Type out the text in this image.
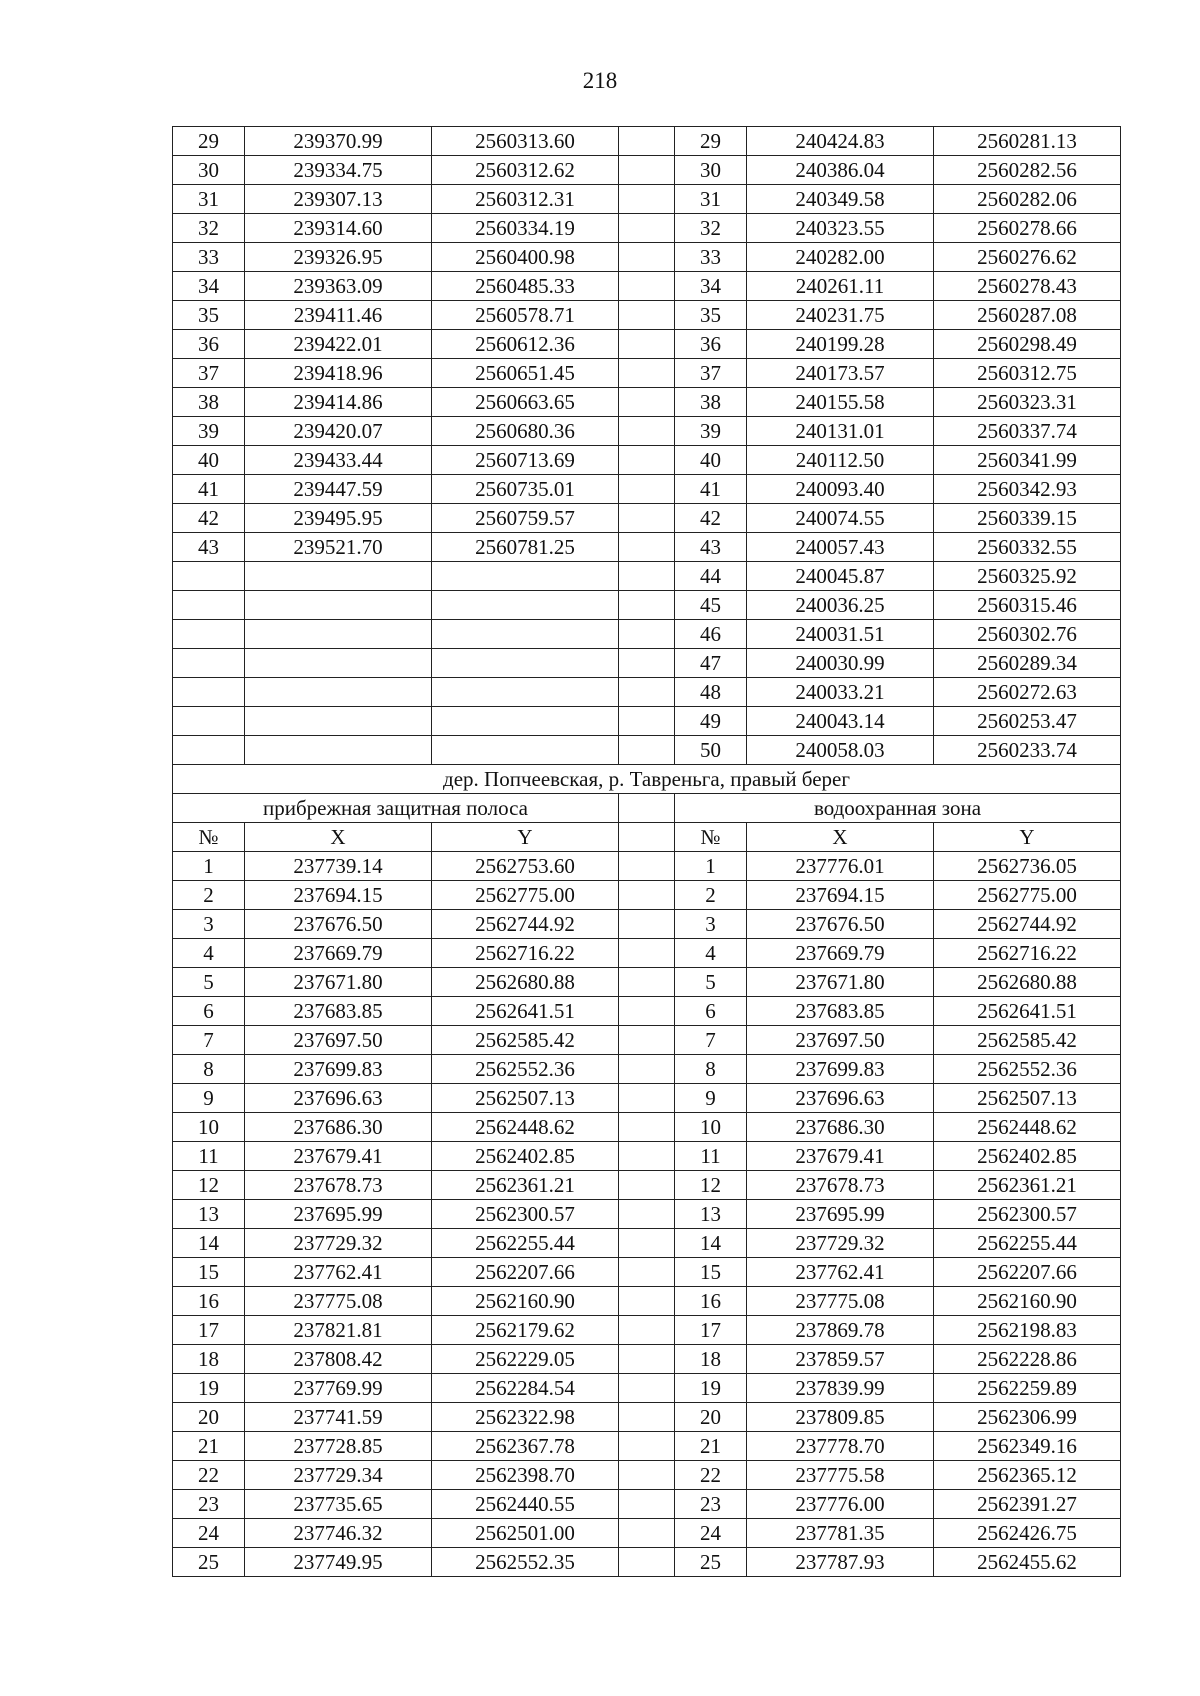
218
29	239370.99	2560313.60		29	240424.83	2560281.13
30	239334.75	2560312.62		30	240386.04	2560282.56
31	239307.13	2560312.31		31	240349.58	2560282.06
32	239314.60	2560334.19		32	240323.55	2560278.66
33	239326.95	2560400.98		33	240282.00	2560276.62
34	239363.09	2560485.33		34	240261.11	2560278.43
35	239411.46	2560578.71		35	240231.75	2560287.08
36	239422.01	2560612.36		36	240199.28	2560298.49
37	239418.96	2560651.45		37	240173.57	2560312.75
38	239414.86	2560663.65		38	240155.58	2560323.31
39	239420.07	2560680.36		39	240131.01	2560337.74
40	239433.44	2560713.69		40	240112.50	2560341.99
41	239447.59	2560735.01		41	240093.40	2560342.93
42	239495.95	2560759.57		42	240074.55	2560339.15
43	239521.70	2560781.25		43	240057.43	2560332.55
				44	240045.87	2560325.92
				45	240036.25	2560315.46
				46	240031.51	2560302.76
				47	240030.99	2560289.34
				48	240033.21	2560272.63
				49	240043.14	2560253.47
				50	240058.03	2560233.74
дер. Попчеевская, р. Тавреньга, правый берег						
прибрежная защитная полоса				водоохранная зона		
№	X	Y		№	X	Y
1	237739.14	2562753.60		1	237776.01	2562736.05
2	237694.15	2562775.00		2	237694.15	2562775.00
3	237676.50	2562744.92		3	237676.50	2562744.92
4	237669.79	2562716.22		4	237669.79	2562716.22
5	237671.80	2562680.88		5	237671.80	2562680.88
6	237683.85	2562641.51		6	237683.85	2562641.51
7	237697.50	2562585.42		7	237697.50	2562585.42
8	237699.83	2562552.36		8	237699.83	2562552.36
9	237696.63	2562507.13		9	237696.63	2562507.13
10	237686.30	2562448.62		10	237686.30	2562448.62
11	237679.41	2562402.85		11	237679.41	2562402.85
12	237678.73	2562361.21		12	237678.73	2562361.21
13	237695.99	2562300.57		13	237695.99	2562300.57
14	237729.32	2562255.44		14	237729.32	2562255.44
15	237762.41	2562207.66		15	237762.41	2562207.66
16	237775.08	2562160.90		16	237775.08	2562160.90
17	237821.81	2562179.62		17	237869.78	2562198.83
18	237808.42	2562229.05		18	237859.57	2562228.86
19	237769.99	2562284.54		19	237839.99	2562259.89
20	237741.59	2562322.98		20	237809.85	2562306.99
21	237728.85	2562367.78		21	237778.70	2562349.16
22	237729.34	2562398.70		22	237775.58	2562365.12
23	237735.65	2562440.55		23	237776.00	2562391.27
24	237746.32	2562501.00		24	237781.35	2562426.75
25	237749.95	2562552.35		25	237787.93	2562455.62
